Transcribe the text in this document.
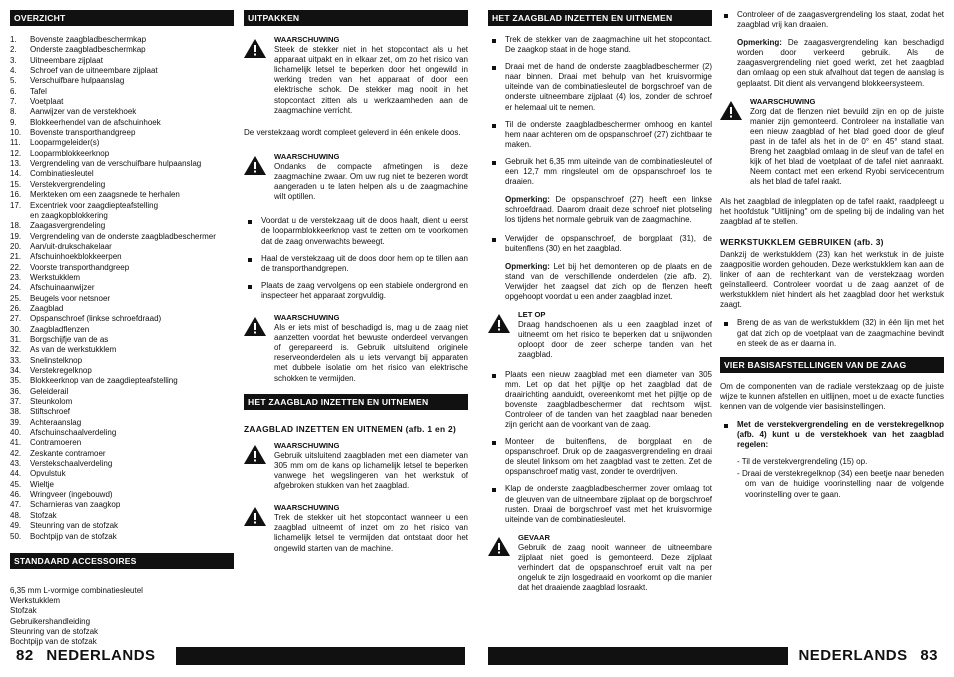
OVERZICHT
1.	Bovenste zaagbladbeschermkap
2.	Onderste zaagbladbeschermkap
3.	Uitneembare zijplaat
4.	Schroef van de uitneembare zijplaat
5.	Verschuifbare hulpaanslag
6.	Tafel
7.	Voetplaat
8.	Aanwijzer van de verstekhoek
9.	Blokkeerhendel van de afschuinhoek
10.	Bovenste transporthandgreep
11.	Looparmgeleider(s)
12.	Looparmblokkeerknop
13.	Vergrendeling van de verschuifbare hulpaanslag
14.	Combinatiesleutel
15.	Verstekvergrendeling
16.	Merkteken om een zaagsnede te herhalen
17.	Excentriek voor zaagdiepteafstelling
en zaagkopblokkering
18.	Zaagasvergrendeling
19.	Vergrendeling van de onderste zaagbladbeschermer
20.	Aan/uit-drukschakelaar
21.	Afschuinhoekblokkeerpen
22.	Voorste transporthandgreep
23.	Werkstukklem
24.	Afschuinaanwijzer
25.	Beugels voor netsnoer
26.	Zaagblad
27.	Opspanschroef (linkse schroefdraad)
30.	Zaagbladflenzen
31.	Borgschijfje van de as
32.	As van de werkstukklem
33.	Snelinstelknop
34.	Verstekregelknop
35.	Blokkeerknop van de zaagdiepteafstelling
36.	Geleiderail
37.	Steunkolom
38.	Stiftschroef
39.	Achteraanslag
40.	Afschuinschaalverdeling
41.	Contramoeren
42.	Zeskante contramoer
43.	Verstekschaalverdeling
44.	Opvulstuk
45.	Wieltje
46.	Wringveer (ingebouwd)
47.	Scharnieras van zaagkop
48.	Stofzak
49.	Steunring van de stofzak
50.	Bochtpijp van de stofzak
STANDAARD ACCESSOIRES
6,35 mm L-vormige combinatiesleutel
Werkstukklem
Stofzak
Gebruikershandleiding
Steunring van de stofzak
Bochtpijp van de stofzak
UITPAKKEN
WAARSCHUWING
Steek de stekker niet in het stopcontact als u het apparaat uitpakt en in elkaar zet, om zo het risico van lichamelijk letsel te beperken door het ongewild in werking treden van het apparaat of door een elektrische schok. De stekker mag nooit in het stopcontact zitten als u werkzaamheden aan de zaagmachine verricht.

De verstekzaag wordt compleet geleverd in één enkele doos.

WAARSCHUWING
Ondanks de compacte afmetingen is deze zaagmachine zwaar. Om uw rug niet te bezeren wordt aangeraden u te laten helpen als u de zaagmachine wilt optillen.
Voordat u de verstekzaag uit de doos haalt, dient u eerst de looparmblokkeerknop vast te zetten om te voorkomen dat de zaag onverwachts beweegt.
Haal de verstekzaag uit de doos door hem op te tillen aan de transporthandgrepen.
Plaats de zaag vervolgens op een stabiele ondergrond en inspecteer het apparaat zorgvuldig.
WAARSCHUWING
Als er iets mist of beschadigd is, mag u de zaag niet aanzetten voordat het bewuste onderdeel vervangen of gerepareerd is. Gebruik uitsluitend originele reserveonderdelen als u iets vervangt bij apparaten met dubbele isolatie om het risico van elektrische schokken te vermijden.
HET ZAAGBLAD INZETTEN EN UITNEMEN
ZAAGBLAD INZETTEN EN UITNEMEN (afb. 1 en 2)
WAARSCHUWING
Gebruik uitsluitend zaagbladen met een diameter van 305 mm om de kans op lichamelijk letsel te beperken vanwege het wegslingeren van het werkstuk of afgebroken stukken van het zaagblad.
WAARSCHUWING
Trek de stekker uit het stopcontact wanneer u een zaagblad uitneemt of inzet om zo het risico van lichamelijk letsel te vermijden dat ontstaat door het ongewild starten van de machine.
HET ZAAGBLAD INZETTEN EN UITNEMEN
Trek de stekker van de zaagmachine uit het stopcontact. De zaagkop staat in de hoge stand.
Draai met de hand de onderste zaagbladbeschermer (2) naar binnen. Draai met behulp van het kruisvormige uiteinde van de combinatiesleutel de borgschroef van de onderste uitneembare zijplaat (4) los, zonder de schroef er helemaal uit te nemen.
Til de onderste zaagbladbeschermer omhoog en kantel hem naar achteren om de opspanschroef (27) zichtbaar te maken.
Gebruik het 6,35 mm uiteinde van de combinatiesleutel of een 12,7 mm ringsleutel om de opspanschroef los te draaien.

Opmerking: De opspanschroef (27) heeft een linkse schroefdraad. Daarom draait deze schroef niet plotseling los tijdens het normale gebruik van de zaagmachine.

Verwijder de opspanschroef, de borgplaat (31), de buitenflens (30) en het zaagblad.

Opmerking: Let bij het demonteren op de plaats en de stand van de verschillende onderdelen (zie afb. 2). Verwijder het zaagsel dat zich op de flenzen heeft opgehoopt voordat u een ander zaagblad inzet.

LET OP
Draag handschoenen als u een zaagblad inzet of uitneemt om het risico te beperken dat u snijwonden oploopt door de zeer scherpe tanden van het zaagblad.
Plaats een nieuw zaagblad met een diameter van 305 mm. Let op dat het pijltje op het zaagblad dat de draairichting aanduidt, overeenkomt met het pijltje op de bovenste zaagbladbeschermer dat rechtsom wijst. Controleer of de tanden van het zaagblad naar beneden zijn gericht aan de voorkant van de zaag.
Monteer de buitenflens, de borgplaat en de opspanschroef. Druk op de zaagasvergrendeling en draai de sleutel linksom om het zaagblad vast te zetten. Zet de opspanschroef matig vast, zonder te overdrijven.
Klap de onderste zaagbladbeschermer zover omlaag tot de gleuven van de uitneembare zijplaat op de borgschroef rusten. Draai de borgschroef vast met het kruisvormige uiteinde van de combinatiesleutel.
GEVAAR
Gebruik de zaag nooit wanneer de uitneembare zijplaat niet goed is gemonteerd. Deze zijplaat verhindert dat de opspanschroef eruit valt na per ongeluk te zijn losgedraaid en voorkomt op die manier dat het draaiende zaagblad losraakt.
Controleer of de zaagasvergrendeling los staat, zodat het zaagblad vrij kan draaien.

Opmerking: De zaagasvergrendeling kan beschadigd worden door verkeerd gebruik. Als de zaagasvergrendeling niet goed werkt, zet het zaagblad dan omlaag op een stuk afvalhout dat tegen de aanslag is geplaatst. Dit dient als vervangend blokkeersysteem.

WAARSCHUWING
Zorg dat de flenzen niet bevuild zijn en op de juiste manier zijn gemonteerd. Controleer na installatie van een nieuw zaagblad of het blad goed door de gleuf past in de tafel als het in de 0° en 45° stand staat. Breng het zaagblad omlaag in de sleuf van de tafel en kijk of het blad de voetplaat of de tafel niet aanraakt. Neem contact met een erkend Ryobi servicecentrum als het blad de tafel raakt.

Als het zaagblad de inlegplaten op de tafel raakt, raadpleegt u het hoofdstuk "Uitlijning" om de speling bij de indaling van het zaagblad af te stellen.

WERKSTUKKLEM GEBRUIKEN (afb. 3)

Dankzij de werkstukklem (23) kan het werkstuk in de juiste zaagpositie worden gehouden. Deze werkstukklem kan aan de linker of aan de rechterkant van de verstekzaag worden geïnstalleerd. Controleer voordat u de zaag aanzet of de werkstukklem niet hindert als het zaagblad door het werkstuk zaagt.

Breng de as van de werkstukklem (32) in één lijn met het gat dat zich op de voetplaat van de zaagmachine bevindt en steek de as er daarna in.
VIER BASISAFSTELLINGEN VAN DE ZAAG

Om de componenten van de radiale verstekzaag op de juiste wijze te kunnen afstellen en uitlijnen, moet u de exacte functies kennen van de volgende vier basisinstellingen.

Met de verstekvergrendeling en de verstekregelknop (afb. 4) kunt u de verstekhoek van het zaagblad regelen:
- Til de verstekvergrendeling (15) op.
- Draai de verstekregelknop (34) een beetje naar beneden om van de huidige voorinstelling naar de volgende voorinstelling over te gaan.
82 NEDERLANDS	NEDERLANDS 83
